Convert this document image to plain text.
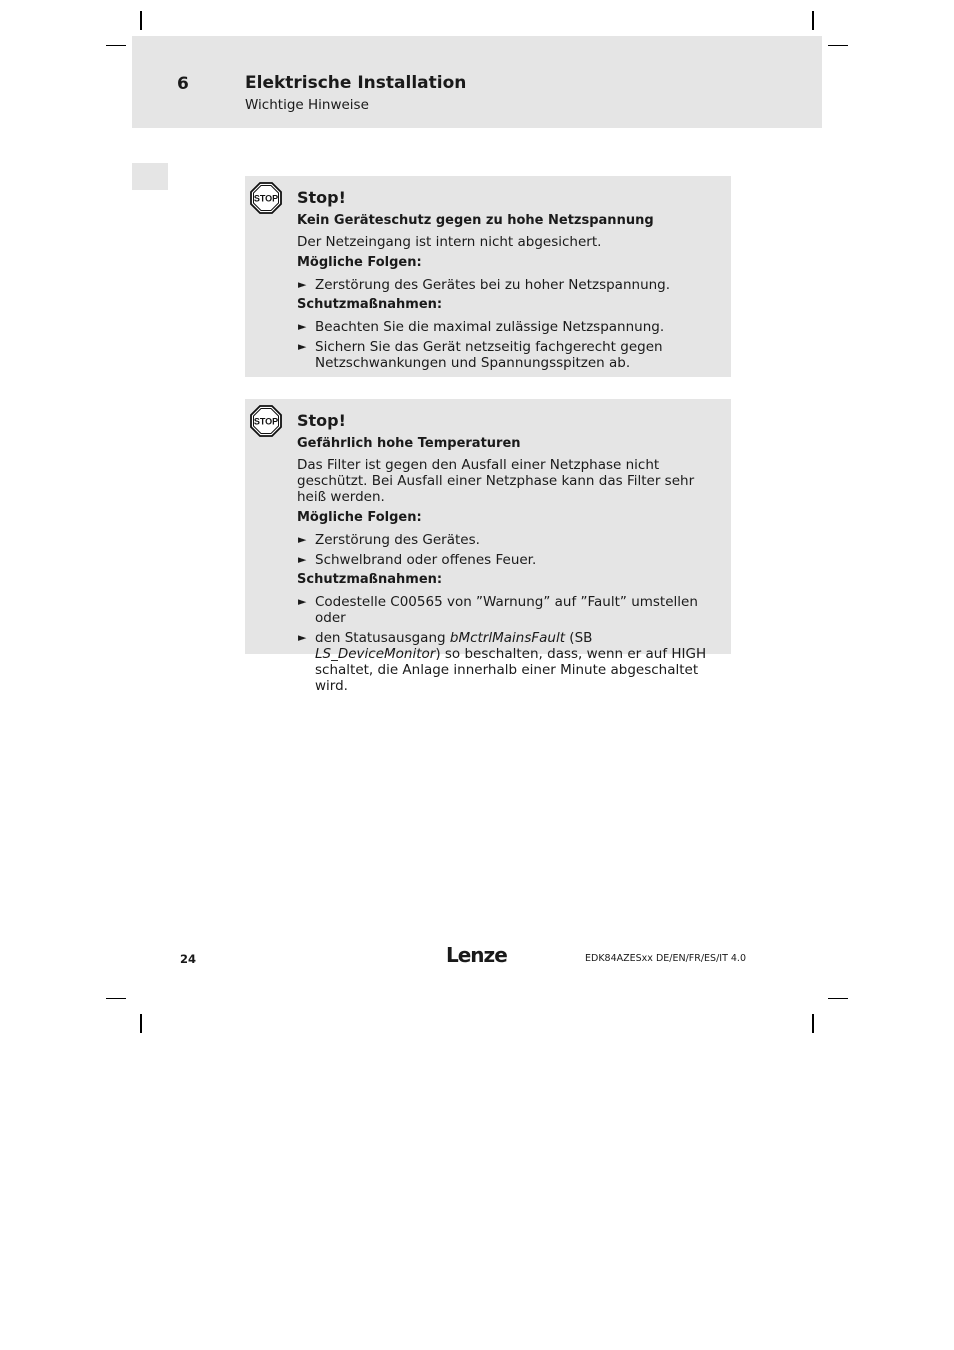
6	Elektrische Installation
Wichtige Hinweise
STOP Stop!
Kein Geräteschutz gegen zu hohe Netzspannung
Der Netzeingang ist intern nicht abgesichert.
Mögliche Folgen:
► Zerstörung des Gerätes bei zu hoher Netzspannung.
Schutzmaßnahmen:
► Beachten Sie die maximal zulässige Netzspannung.
► Sichern Sie das Gerät netzseitig fachgerecht gegen Netzschwankungen und Spannungsspitzen ab.
STOP Stop!
Gefährlich hohe Temperaturen
Das Filter ist gegen den Ausfall einer Netzphase nicht geschützt. Bei Ausfall einer Netzphase kann das Filter sehr heiß werden.
Mögliche Folgen:
► Zerstörung des Gerätes.
► Schwelbrand oder offenes Feuer.
Schutzmaßnahmen:
► Codestelle C00565 von ”Warnung” auf ”Fault” umstellen oder
► den Statusausgang bMctrlMainsFault (SB LS_DeviceMonitor) so beschalten, dass, wenn er auf HIGH schaltet, die Anlage innerhalb einer Minute abgeschaltet wird.
24	Lenze	EDK84AZESxx DE/EN/FR/ES/IT 4.0
